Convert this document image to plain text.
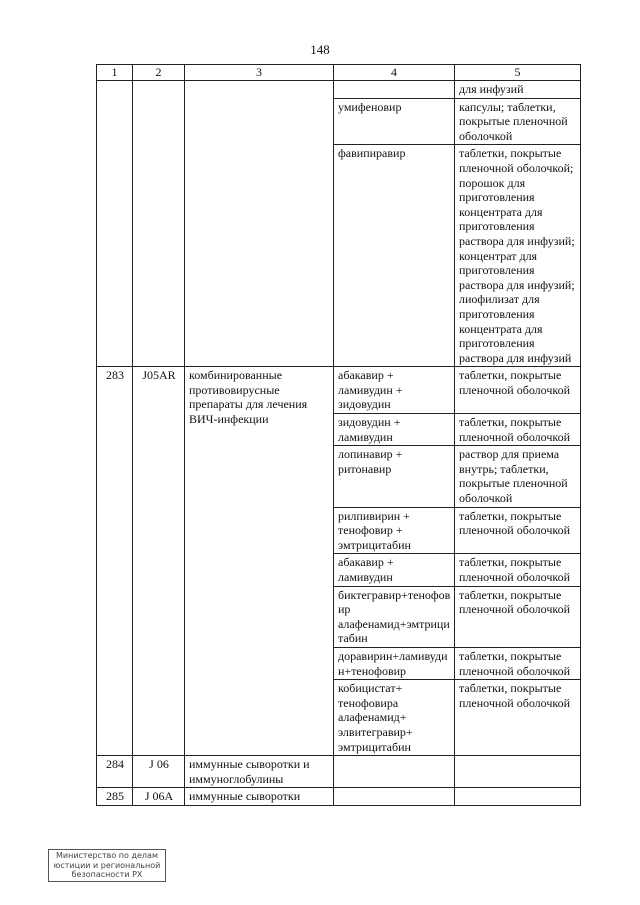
148
1	2	3	4	5
				для инфузий
			умифеновир	капсулы; таблетки, покрытые пленочной оболочкой
			фавипиравир	таблетки, покрытые пленочной оболочкой; порошок для приготовления концентрата для приготовления раствора для инфузий; концентрат для приготовления раствора для инфузий; лиофилизат для приготовления концентрата для приготовления раствора для инфузий
283	J05AR	комбинированные противовирусные препараты для лечения ВИЧ-инфекции	абакавир + ламивудин + зидовудин	таблетки, покрытые пленочной оболочкой
			зидовудин + ламивудин	таблетки, покрытые пленочной оболочкой
			лопинавир + ритонавир	раствор для приема внутрь; таблетки, покрытые пленочной оболочкой
			рилпивирин + тенофовир + эмтрицитабин	таблетки, покрытые пленочной оболочкой
			абакавир + ламивудин	таблетки, покрытые пленочной оболочкой
			биктегравир+тенофовир алафенамид+эмтрицитабин	таблетки, покрытые пленочной оболочкой
			доравирин+ламивудин+тенофовир	таблетки, покрытые пленочной оболочкой
			кобицистат+ тенофовира алафенамид+ элвитегравир+ эмтрицитабин	таблетки, покрытые пленочной оболочкой
284	J 06	иммунные сыворотки и иммуноглобулины		
285	J 06A	иммунные сыворотки		
Министерство по делам юстиции и региональной безопасности РХ
